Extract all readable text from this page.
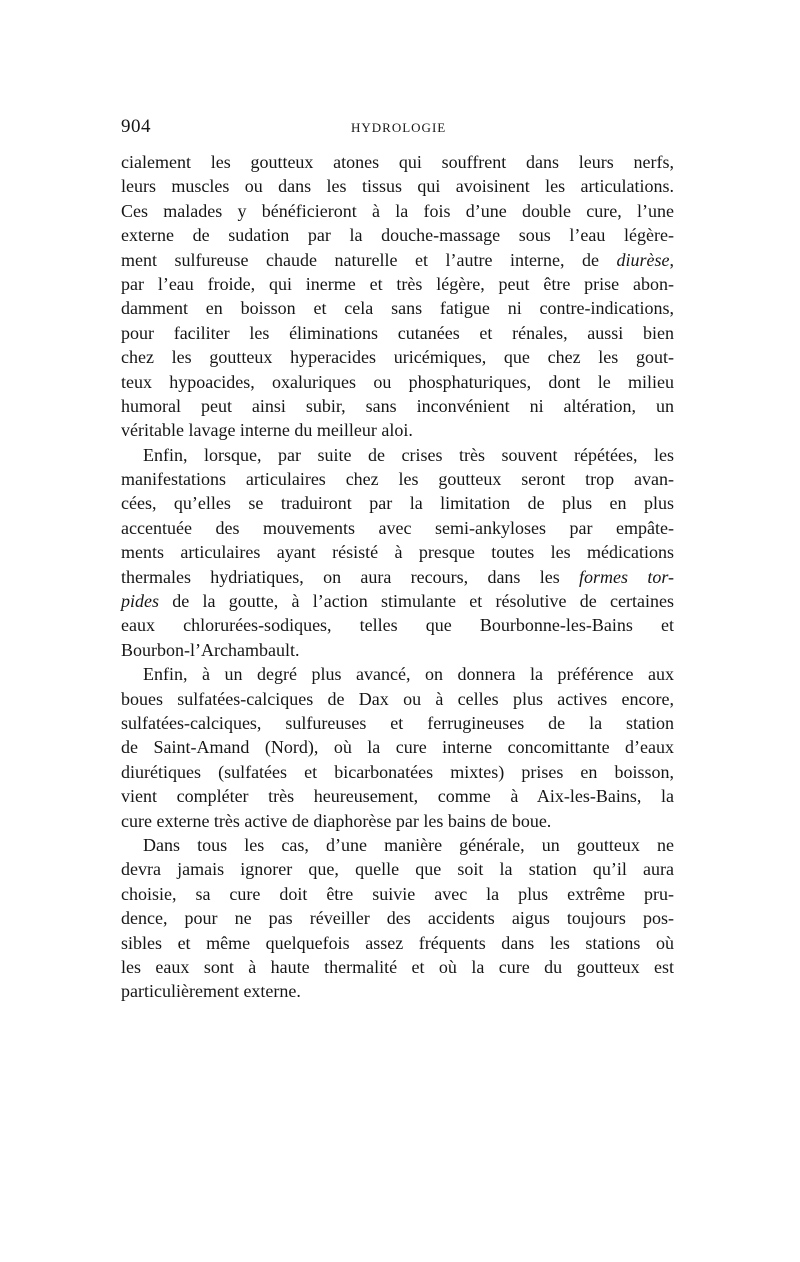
904	HYDROLOGIE
cialement les goutteux atones qui souffrent dans leurs nerfs,
leurs muscles ou dans les tissus qui avoisinent les articulations.
Ces malades y bénéficieront à la fois d’une double cure, l’une
externe de sudation par la douche-massage sous l’eau légère-
ment sulfureuse chaude naturelle et l’autre interne, de diurèse,
par l’eau froide, qui inerme et très légère, peut être prise abon-
damment en boisson et cela sans fatigue ni contre-indications,
pour faciliter les éliminations cutanées et rénales, aussi bien
chez les goutteux hyperacides uricémiques, que chez les gout-
teux hypoacides, oxaluriques ou phosphaturiques, dont le milieu
humoral peut ainsi subir, sans inconvénient ni altération, un
véritable lavage interne du meilleur aloi.
Enfin, lorsque, par suite de crises très souvent répétées, les
manifestations articulaires chez les goutteux seront trop avan-
cées, qu’elles se traduiront par la limitation de plus en plus
accentuée des mouvements avec semi-ankyloses par empâte-
ments articulaires ayant résisté à presque toutes les médications
thermales hydriatiques, on aura recours, dans les formes tor-
pides de la goutte, à l’action stimulante et résolutive de certaines
eaux chlorurées-sodiques, telles que Bourbonne-les-Bains et
Bourbon-l’Archambault.
Enfin, à un degré plus avancé, on donnera la préférence aux
boues sulfatées-calciques de Dax ou à celles plus actives encore,
sulfatées-calciques, sulfureuses et ferrugineuses de la station
de Saint-Amand (Nord), où la cure interne concomittante d’eaux
diurétiques (sulfatées et bicarbonatées mixtes) prises en boisson,
vient compléter très heureusement, comme à Aix-les-Bains, la
cure externe très active de diaphorèse par les bains de boue.
Dans tous les cas, d’une manière générale, un goutteux ne
devra jamais ignorer que, quelle que soit la station qu’il aura
choisie, sa cure doit être suivie avec la plus extrême pru-
dence, pour ne pas réveiller des accidents aigus toujours pos-
sibles et même quelquefois assez fréquents dans les stations où
les eaux sont à haute thermalité et où la cure du goutteux est
particulièrement externe.
